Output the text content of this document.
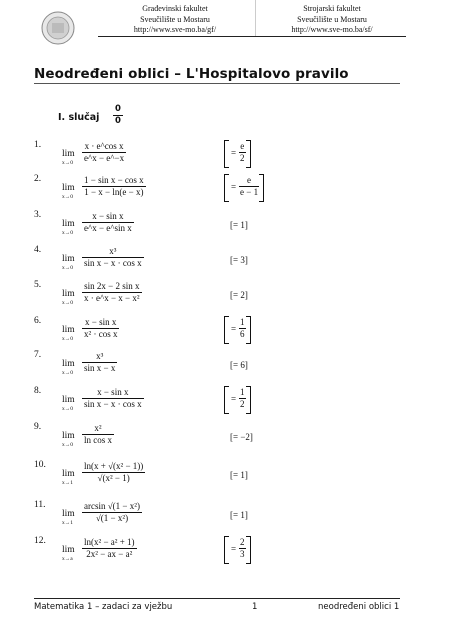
Građevinski fakultet
Sveučilište u Mostaru
http://www.sve-mo.ba/gf/
Strojarski fakultet
Sveučilište u Mostaru
http://www.sve-mo.ba/sf/
Neodređeni oblici – L'Hospitalovo pravilo
I. slučaj $\frac{0}{0}$
1.
lim
$x\to 0 \frac{\text{x · e\textasciicircum{}cos x}}{e\^{}x - e\^{}-x}$	= $\frac{e}{2}$
2.
lim
$x\to 0 \frac{\text{1 − sin x − cos x}}{1 - x - \ln(e - x)}$	= $\frac{e}{e - 1}$
3.
lim
$x\to 0 \frac{\text{x − sin x}}{\text{e\textasciicircum{}x − e\textasciicircum{}sin x}}$	[= 1]
4.
lim
$x\to 0 \frac{\text{x³}}{\text{sin x − x · cos x}}$	[= 3]
5.
lim
$x\to 0 \frac{\text{sin 2x − 2 sin x}}{\text{x · e\textasciicircum{}x − x − x²}}$	[= 2]
6.
lim
$x\to 0 \frac{\text{x − sin x}}{\text{x² · cos x}}$	= $\frac{1}{6}$
7.
lim
$x\to 0 \frac{\text{x³}}{\text{sin x − x}}$	[= 6]
8.
lim
$x\to 0 \frac{\text{x − sin x}}{\text{sin x − x · cos x}}$	= $\frac{1}{2}$
9.
lim
$x\to 0 \frac{\text{x²}}{\text{ln cos x}}$	[= −2]
10.
lim
$x\to 1 \frac{\text{ln(x + √(x² − 1))}}{\text{√(x² − 1)}}$	[= 1]
11.
lim
$x\to 1 \frac{\text{arcsin √(1 − x²)}}{\text{√(1 − x²)}}$	[= 1]
12.
lim
$x\to a \frac{\text{ln(x² − a² + 1)}}{\text{2x² − ax − a²}}$	= $\frac{2}{3}$
Matematika 1 – zadaci za vježbu	1	neodređeni oblici 1
